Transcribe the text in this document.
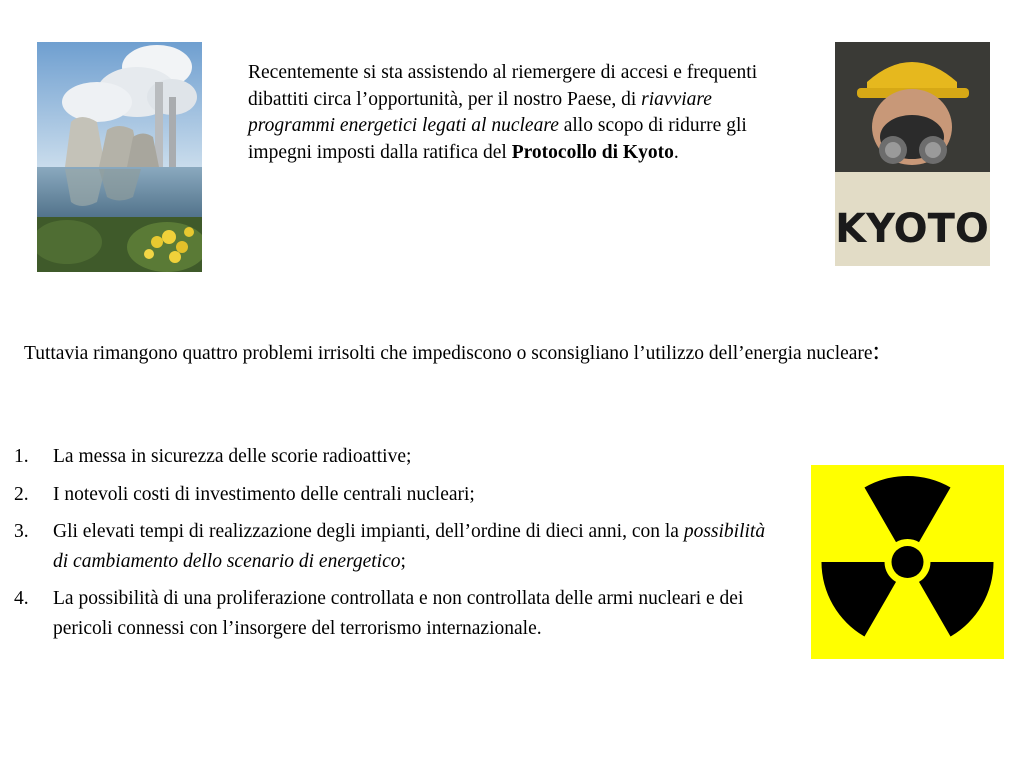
Recentemente si sta assistendo al riemergere di accesi e frequenti dibattiti circa l’opportunità, per il nostro Paese, di riavviare programmi energetici legati al nucleare allo scopo di ridurre gli impegni imposti dalla ratifica del Protocollo di Kyoto.
KYOTO
Tuttavia rimangono quattro problemi irrisolti che impediscono o sconsigliano l’utilizzo dell’energia nucleare:
1. La messa in sicurezza delle scorie radioattive;
2. I notevoli costi di investimento delle centrali nucleari;
3. Gli elevati tempi di realizzazione degli impianti, dell’ordine di dieci anni, con la possibilità di cambiamento dello scenario di energetico;
4. La possibilità di una proliferazione controllata e non controllata delle armi nucleari e dei pericoli connessi con l’insorgere del terrorismo internazionale.
